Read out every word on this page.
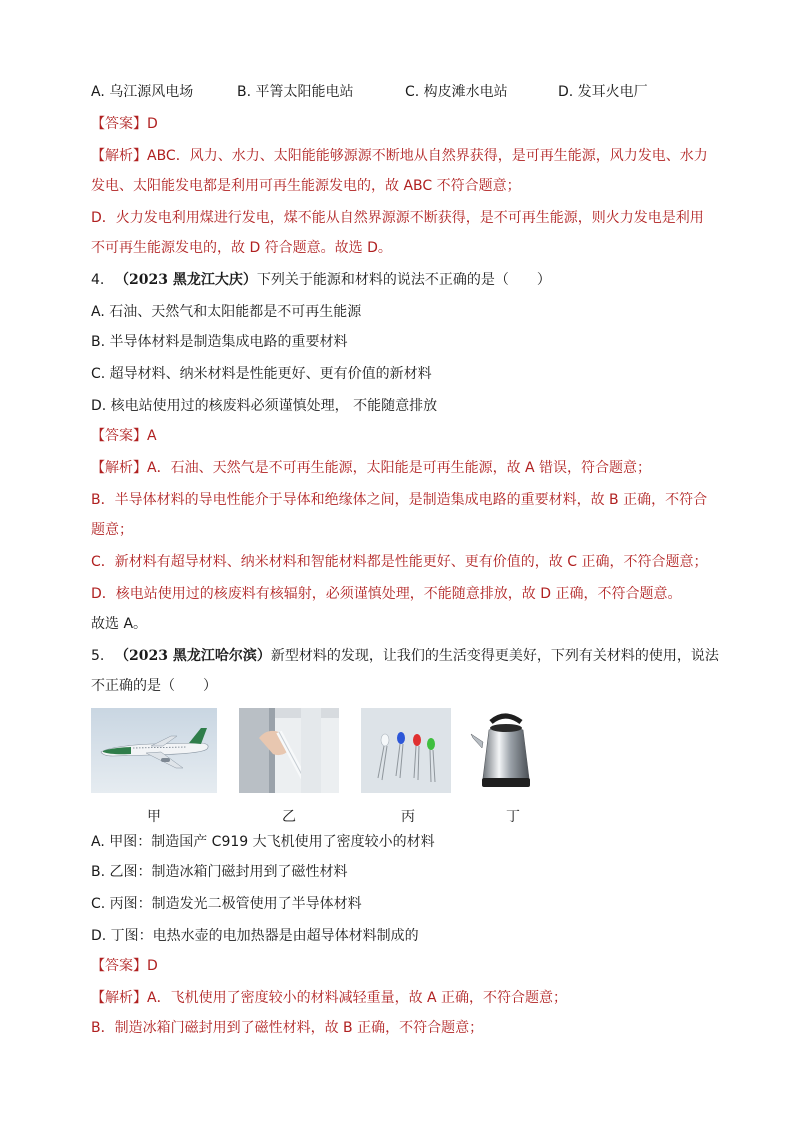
A. 乌江源风电场	B. 平箐太阳能电站	C. 构皮滩水电站	D. 发耳火电厂
【答案】D
【解析】ABC．风力、水力、太阳能能够源源不断地从自然界获得，是可再生能源，风力发电、水力
发电、太阳能发电都是利用可再生能源发电的，故 ABC 不符合题意；
D．火力发电利用煤进行发电，煤不能从自然界源源不断获得，是不可再生能源，则火力发电是利用
不可再生能源发电的，故 D 符合题意。故选 D。
4. （2023 黑龙江大庆）下列关于能源和材料的说法不正确的是（　　）
A. 石油、天然气和太阳能都是不可再生能源
B. 半导体材料是制造集成电路的重要材料
C. 超导材料、纳米材料是性能更好、更有价值的新材料
D. 核电站使用过的核废料必须谨慎处理， 不能随意排放
【答案】A
【解析】A．石油、天然气是不可再生能源，太阳能是可再生能源，故 A 错误，符合题意；
B．半导体材料的导电性能介于导体和绝缘体之间，是制造集成电路的重要材料，故 B 正确，不符合
题意；
C．新材料有超导材料、纳米材料和智能材料都是性能更好、更有价值的，故 C 正确，不符合题意；
D．核电站使用过的核废料有核辐射，必须谨慎处理，不能随意排放，故 D 正确，不符合题意。
故选 A。
5. （2023 黑龙江哈尔滨）新型材料的发现，让我们的生活变得更美好，下列有关材料的使用，说法
不正确的是（　　）
甲	乙	丙	丁
A. 甲图：制造国产 C919 大飞机使用了密度较小的材料
B. 乙图：制造冰箱门磁封用到了磁性材料
C. 丙图：制造发光二极管使用了半导体材料
D. 丁图：电热水壶的电加热器是由超导体材料制成的
【答案】D
【解析】A．飞机使用了密度较小的材料减轻重量，故 A 正确，不符合题意；
B．制造冰箱门磁封用到了磁性材料，故 B 正确，不符合题意；
